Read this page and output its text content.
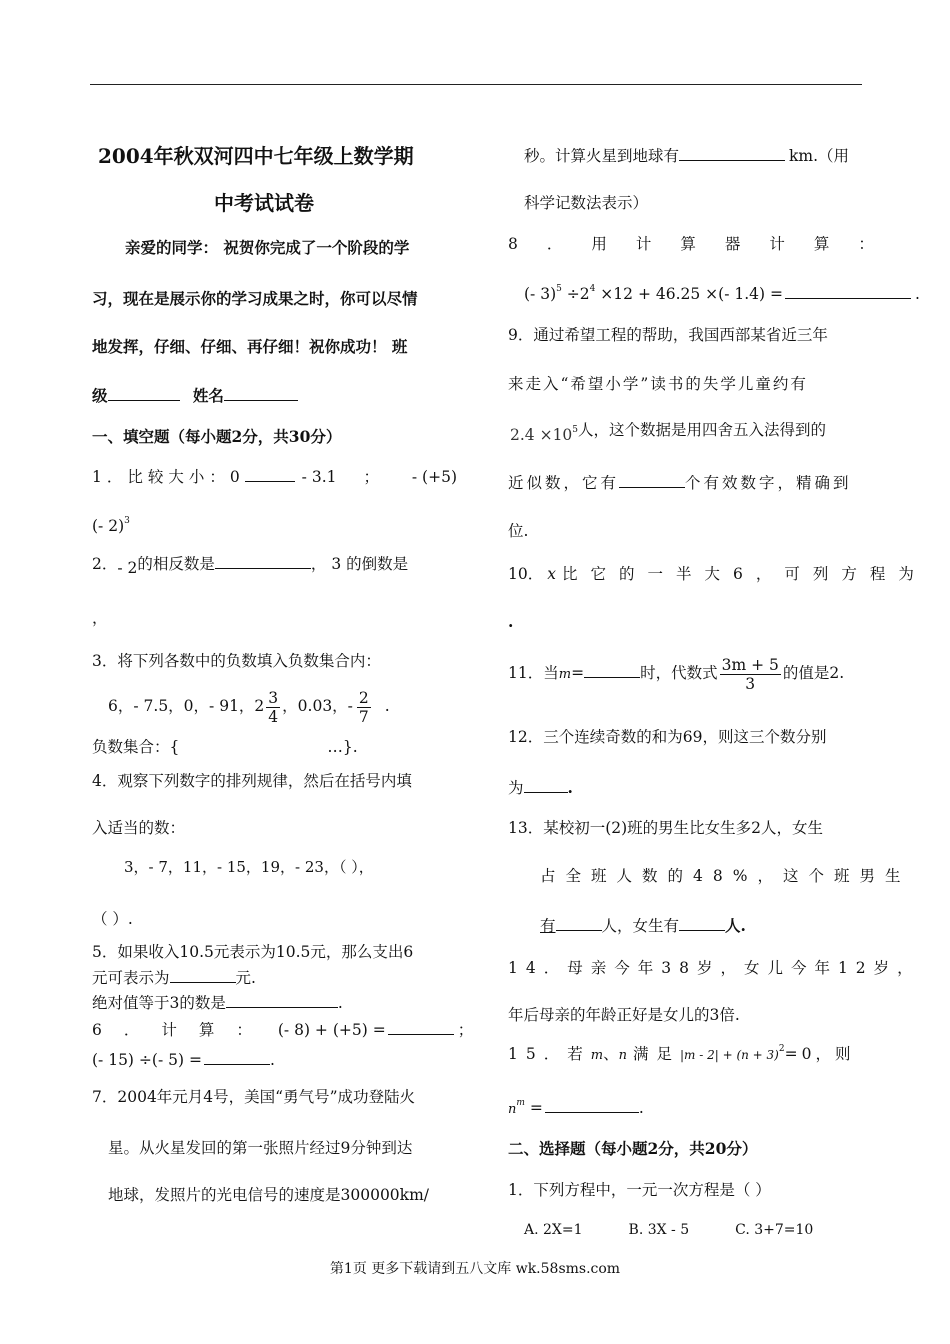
2004年秋双河四中七年级上数学期
中考试试卷
亲爱的同学： 祝贺你完成了一个阶段的学
习，现在是展示你的学习成果之时，你可以尽情
地发挥，仔细、仔细、再仔细！祝你成功！ 班
级	姓名
一、填空题（每小题2分，共30分）
1．比较大小：0	- 3.1 ； - (+5)
(- 2)$^3$
2．- 2的相反数是	， 3 的倒数是
，
3．将下列各数中的负数填入负数集合内：
6，- 7.5，0，- 91，$2 \frac{3}{4}$ ，0.03，- $\frac{2}{7}$ .
负数集合：{	…}.
4．观察下列数字的排列规律，然后在括号内填
入适当的数：
3，- 7，11，- 15，19，- 23，（ ），
（ ）.
5．如果收入10.5元表示为10.5元，那么支出6
元可表示为	元.
绝对值等于3的数是	.
6．计算： (- 8) + (+5) =	；
(- 15) ÷(- 5) =	.
7．2004年元月4号，美国“勇气号”成功登陆火
星。从火星发回的第一张照片经过9分钟到达
地球，发照片的光电信号的速度是300000km/
秒。计算火星到地球有	km.（用
科学记数法表示）
8．用计算器计算：
(- $3)^5 \div 2^4 \times 12 + 46.25$ ×(- 1.4) =	.
9．通过希望工程的帮助，我国西部某省近三年
来走入“希望小学”读书的失学儿童约有
$2.4 \times 10^5$人，这个数据是用四舍五入法得到的
近似数，它有	个有效数字，精确到
位.
10． x 比它的一半大6，可列方程为
.
11．当m=	时，代数式 $\frac{3m + 5}{3}$ 的值是2.
12．三个连续奇数的和为69，则这三个数分别
为	.
13．某校初一(2)班的男生比女生多2人，女生
占全班人数的48%，这个班男生
有	人，女生有	人.
14．母亲今年38岁，女儿今年12岁，
年后母亲的年龄正好是女儿的3倍.
15．若m、n 满足$|m - 2| + (n + 3)^2=0$，则
$n^m$ =	.
二、选择题（每小题2分，共20分）
1．下列方程中，一元一次方程是（ ）
A. 2X=1	B. 3X - 5	C. 3+7=10
第1页 更多下载请到五八文库 wk.58sms.com
